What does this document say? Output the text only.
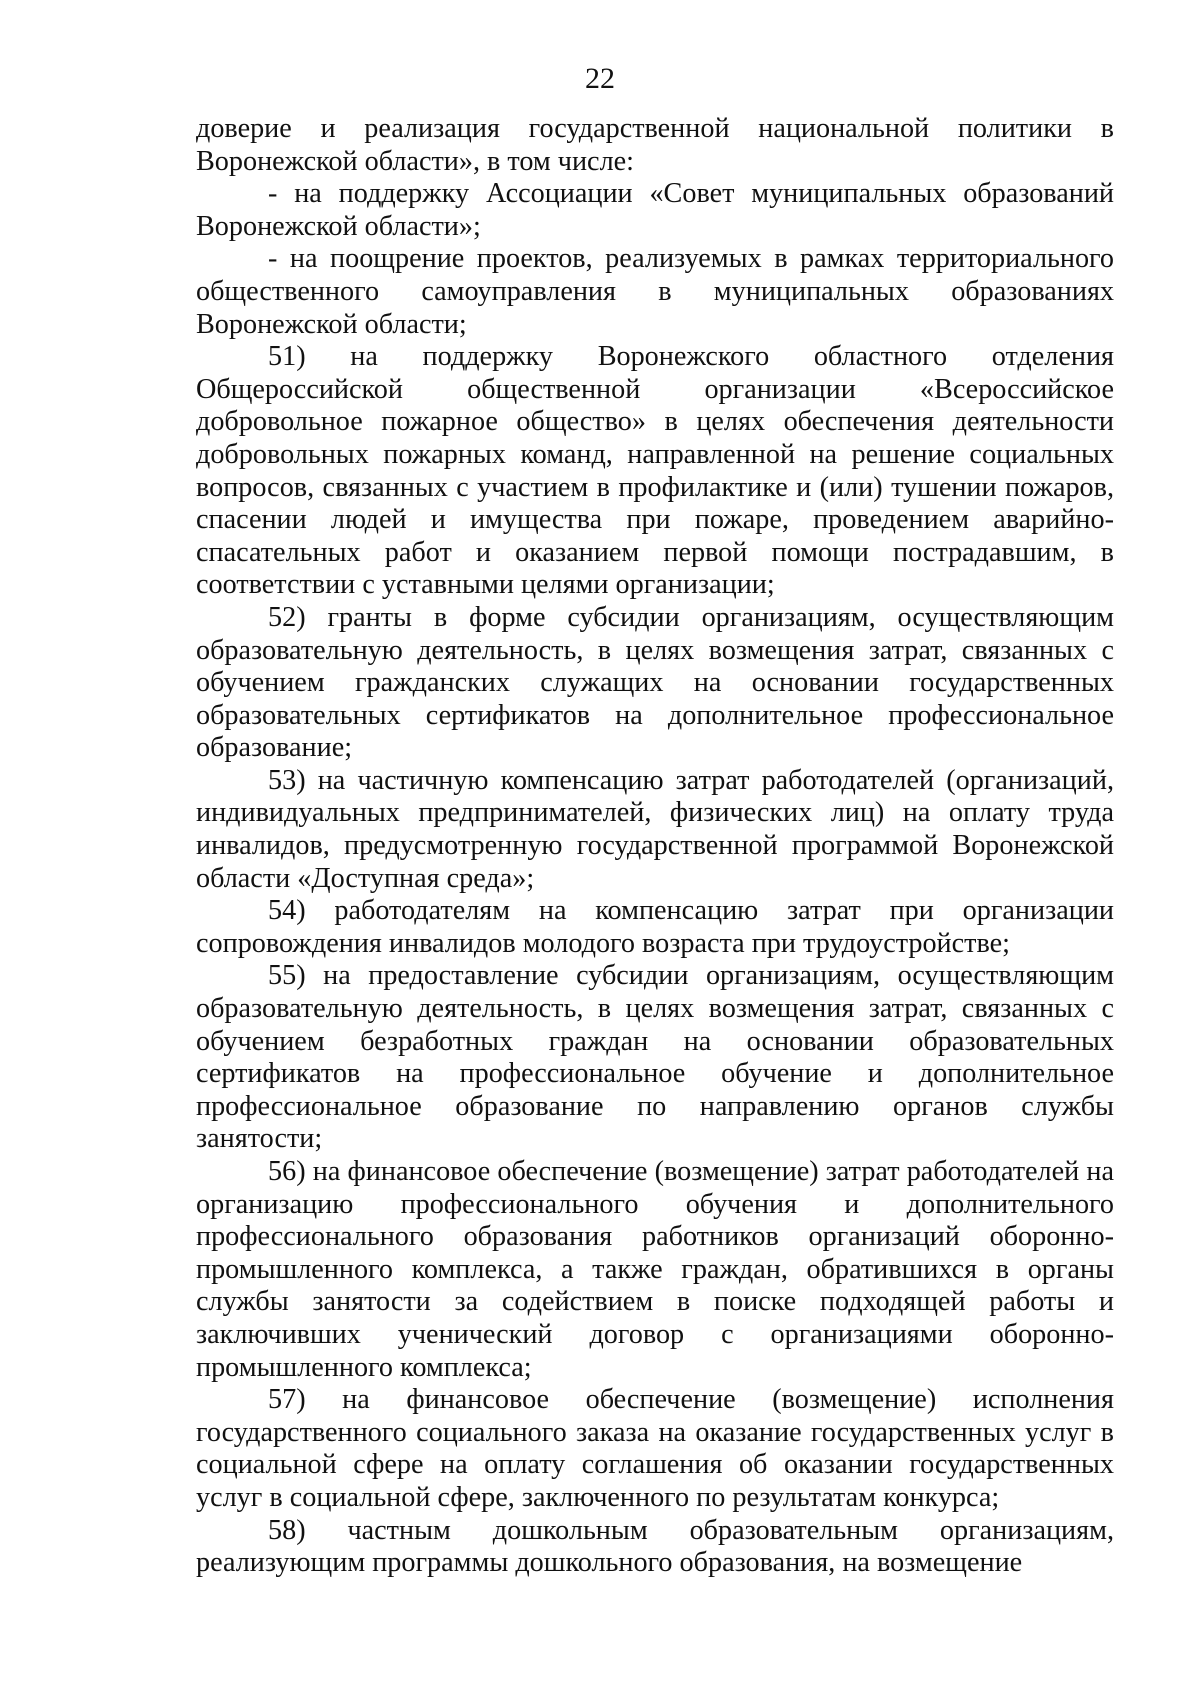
22

доверие и реализация государственной национальной политики в Воронежской области», в том числе:

- на поддержку Ассоциации «Совет муниципальных образований Воронежской области»;

- на поощрение проектов, реализуемых в рамках территориального общественного самоуправления в муниципальных образованиях Воронежской области;

51) на поддержку Воронежского областного отделения Общероссийской общественной организации «Всероссийское добровольное пожарное общество» в целях обеспечения деятельности добровольных пожарных команд, направленной на решение социальных вопросов, связанных с участием в профилактике и (или) тушении пожаров, спасении людей и имущества при пожаре, проведением аварийно-спасательных работ и оказанием первой помощи пострадавшим, в соответствии с уставными целями организации;

52) гранты в форме субсидии организациям, осуществляющим образовательную деятельность, в целях возмещения затрат, связанных с обучением гражданских служащих на основании государственных образовательных сертификатов на дополнительное профессиональное образование;

53) на частичную компенсацию затрат работодателей (организаций, индивидуальных предпринимателей, физических лиц) на оплату труда инвалидов, предусмотренную государственной программой Воронежской области «Доступная среда»;

54) работодателям на компенсацию затрат при организации сопровождения инвалидов молодого возраста при трудоустройстве;

55) на предоставление субсидии организациям, осуществляющим образовательную деятельность, в целях возмещения затрат, связанных с обучением безработных граждан на основании образовательных сертификатов на профессиональное обучение и дополнительное профессиональное образование по направлению органов службы занятости;

56) на финансовое обеспечение (возмещение) затрат работодателей на организацию профессионального обучения и дополнительного профессионального образования работников организаций оборонно-промышленного комплекса, а также граждан, обратившихся в органы службы занятости за содействием в поиске подходящей работы и заключивших ученический договор с организациями оборонно-промышленного комплекса;

57) на финансовое обеспечение (возмещение) исполнения государственного социального заказа на оказание государственных услуг в социальной сфере на оплату соглашения об оказании государственных услуг в социальной сфере, заключенного по результатам конкурса;

58) частным дошкольным образовательным организациям, реализующим программы дошкольного образования, на возмещение
